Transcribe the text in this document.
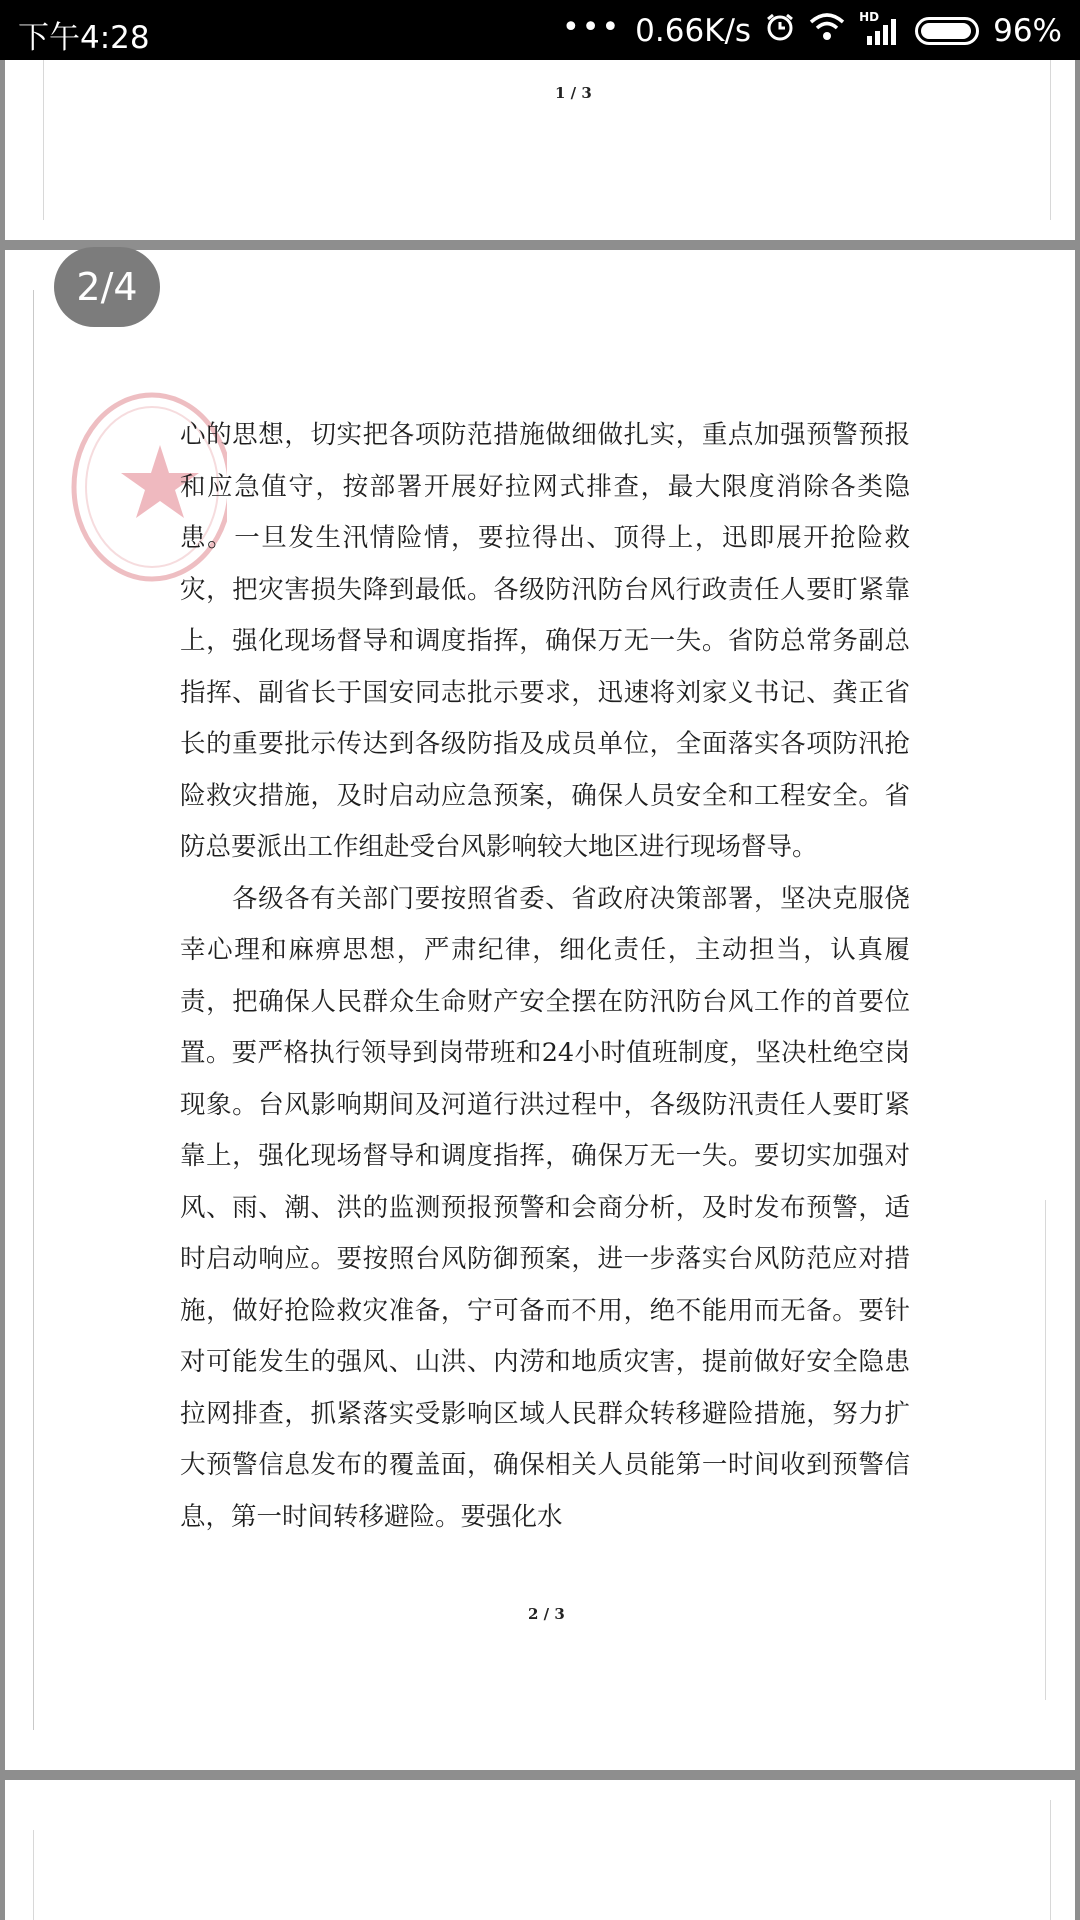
下午4:28	••• 0.66K/s	HD	96%
1 / 3
2 / 3
2/4

心的思想，切实把各项防范措施做细做扎实，重点加强预警预报和应急值守，按部署开展好拉网式排查，最大限度消除各类隐患。一旦发生汛情险情，要拉得出、顶得上，迅即展开抢险救灾，把灾害损失降到最低。各级防汛防台风行政责任人要盯紧靠上，强化现场督导和调度指挥，确保万无一失。省防总常务副总指挥、副省长于国安同志批示要求，迅速将刘家义书记、龚正省长的重要批示传达到各级防指及成员单位，全面落实各项防汛抢险救灾措施，及时启动应急预案，确保人员安全和工程安全。省防总要派出工作组赴受台风影响较大地区进行现场督导。

各级各有关部门要按照省委、省政府决策部署，坚决克服侥幸心理和麻痹思想，严肃纪律，细化责任，主动担当，认真履责，把确保人民群众生命财产安全摆在防汛防台风工作的首要位置。要严格执行领导到岗带班和24小时值班制度，坚决杜绝空岗现象。台风影响期间及河道行洪过程中，各级防汛责任人要盯紧靠上，强化现场督导和调度指挥，确保万无一失。要切实加强对风、雨、潮、洪的监测预报预警和会商分析，及时发布预警，适时启动响应。要按照台风防御预案，进一步落实台风防范应对措施，做好抢险救灾准备，宁可备而不用，绝不能用而无备。要针对可能发生的强风、山洪、内涝和地质灾害，提前做好安全隐患拉网排查，抓紧落实受影响区域人民群众转移避险措施，努力扩大预警信息发布的覆盖面，确保相关人员能第一时间收到预警信息，第一时间转移避险。要强化水
